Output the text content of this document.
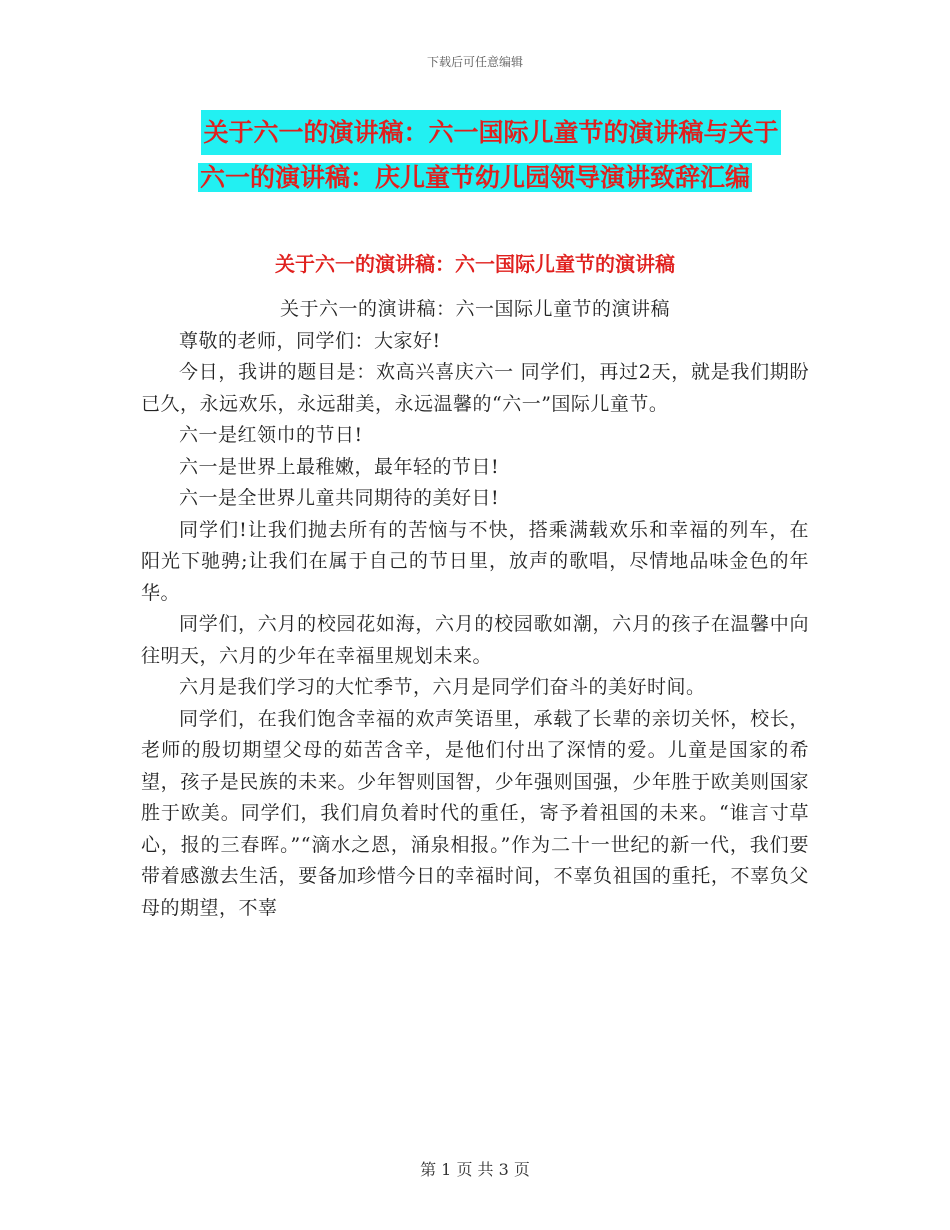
下载后可任意编辑
关于六一的演讲稿：六一国际儿童节的演讲稿与关于
六一的演讲稿：庆儿童节幼儿园领导演讲致辞汇编
关于六一的演讲稿：六一国际儿童节的演讲稿

关于六一的演讲稿：六一国际儿童节的演讲稿

尊敬的老师，同学们：大家好!

今日，我讲的题目是：欢高兴喜庆六一 同学们，再过2天，就是我们期盼已久，永远欢乐，永远甜美，永远温馨的“六一”国际儿童节。

六一是红领巾的节日!

六一是世界上最稚嫩，最年轻的节日!

六一是全世界儿童共同期待的美好日!

同学们!让我们抛去所有的苦恼与不快，搭乘满载欢乐和幸福的列车，在阳光下驰骋;让我们在属于自己的节日里，放声的歌唱，尽情地品味金色的年华。

同学们，六月的校园花如海，六月的校园歌如潮，六月的孩子在温馨中向往明天，六月的少年在幸福里规划未来。

六月是我们学习的大忙季节，六月是同学们奋斗的美好时间。

同学们，在我们饱含幸福的欢声笑语里，承载了长辈的亲切关怀，校长，老师的殷切期望父母的茹苦含辛，是他们付出了深情的爱。儿童是国家的希望，孩子是民族的未来。少年智则国智，少年强则国强，少年胜于欧美则国家胜于欧美。同学们，我们肩负着时代的重任，寄予着祖国的未来。“谁言寸草心，报的三春晖。”“滴水之恩，涌泉相报。”作为二十一世纪的新一代，我们要带着感激去生活，要备加珍惜今日的幸福时间，不辜负祖国的重托，不辜负父母的期望，不辜

第 1 页 共 3 页
